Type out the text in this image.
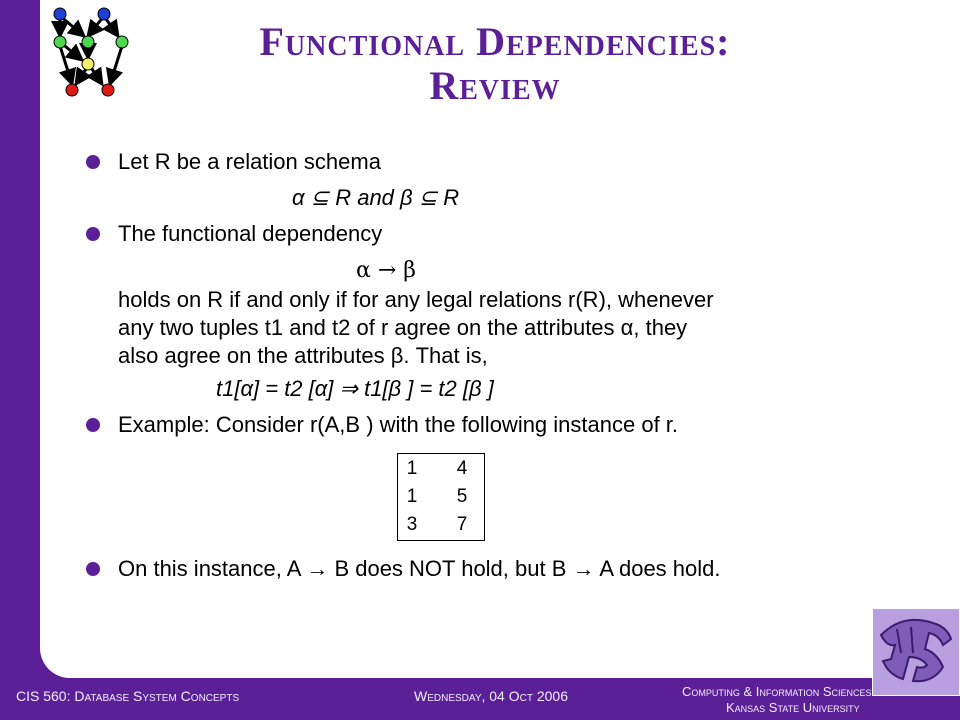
Functional Dependencies:
Review
Let R be a relation schema
α ⊆ R and β ⊆ R
The functional dependency
α → β
holds on R if and only if for any legal relations r(R), whenever
any two tuples t1 and t2 of r agree on the attributes α, they
also agree on the attributes β. That is,
t1[α] = t2 [α] ⇒ t1[β ] = t2 [β ]
Example: Consider r(A,B ) with the following instance of r.
1 4
1 5
3 7
On this instance, A → B does NOT hold, but B → A does hold.
CIS 560: Database System Concepts	Wednesday, 04 Oct 2006	Computing & Information Sciences
Kansas State University
